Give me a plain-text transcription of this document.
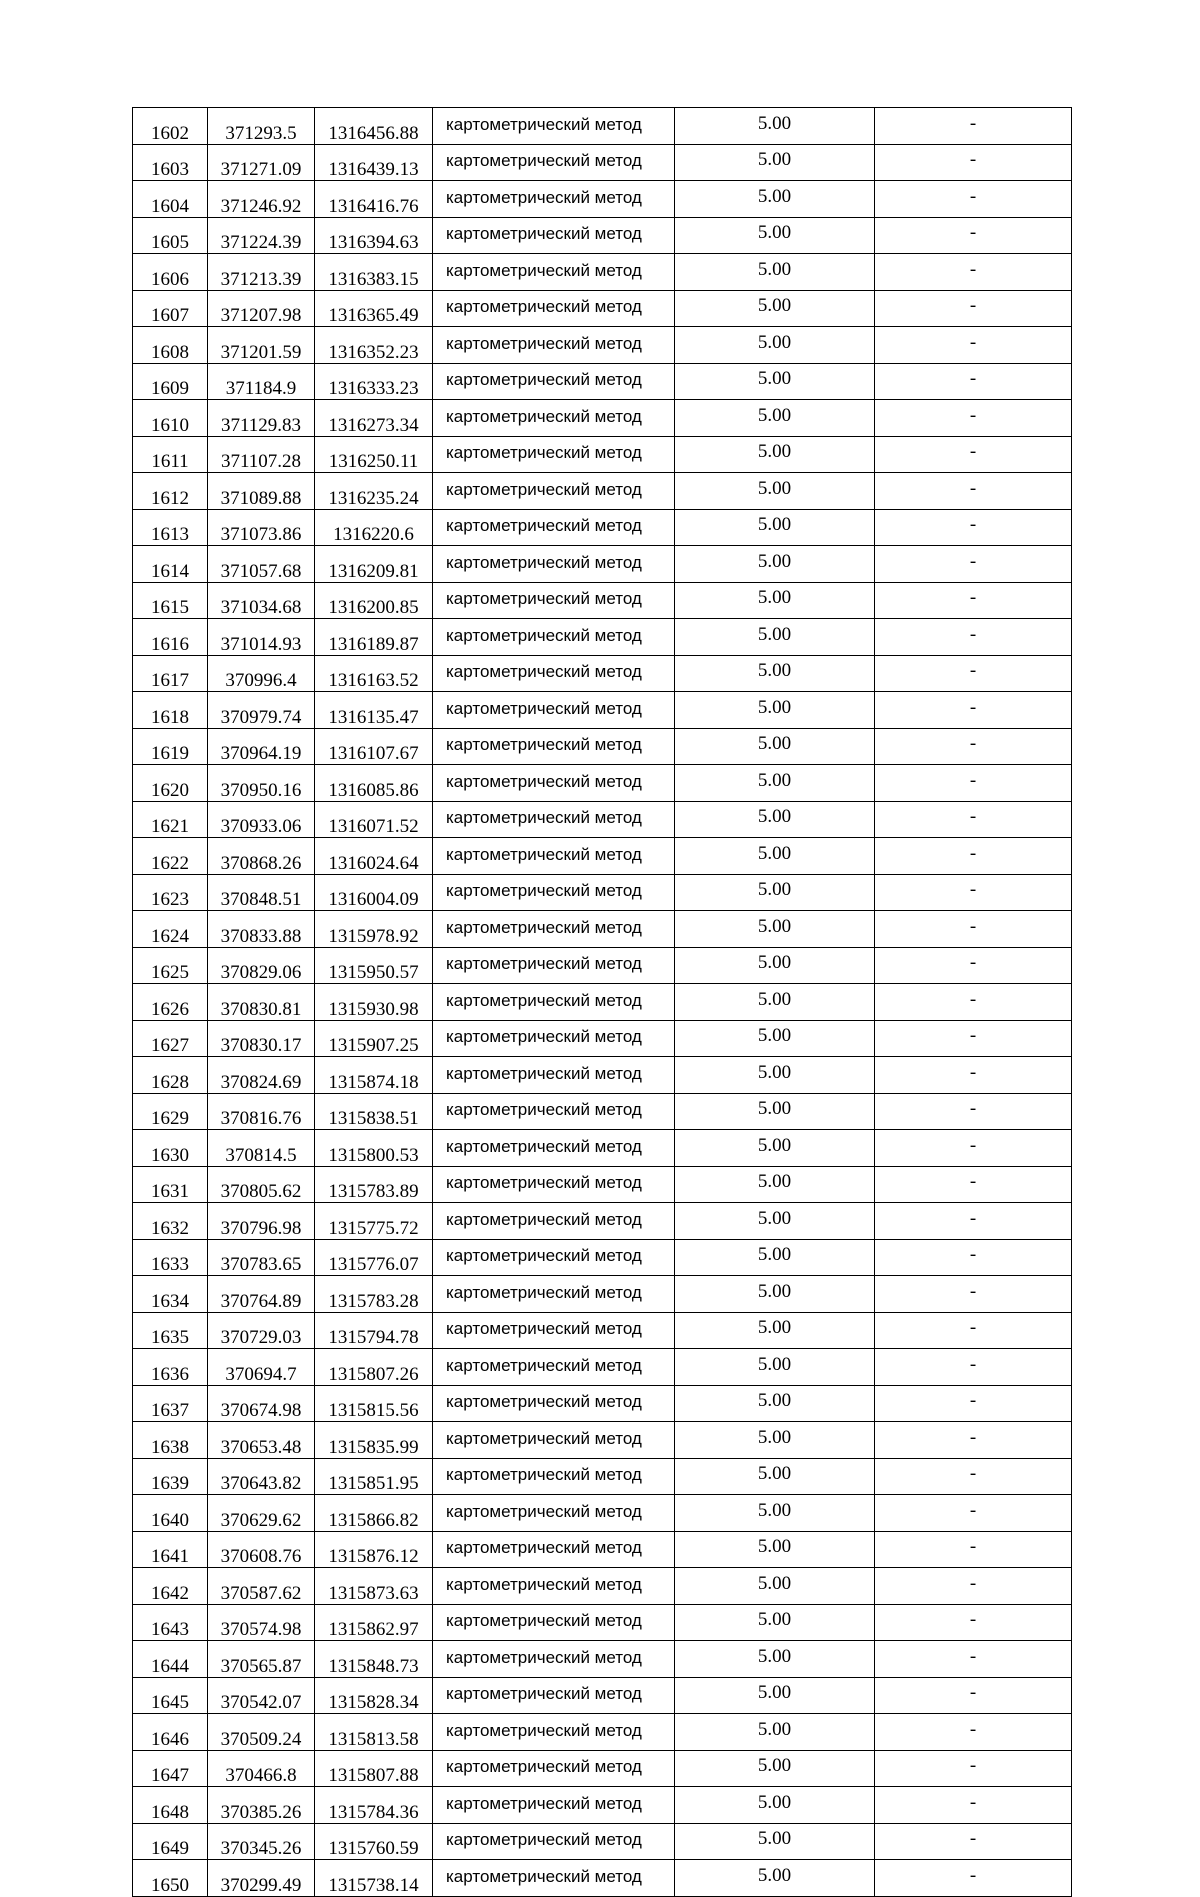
1602	371293.5	1316456.88	картометрический метод	5.00	-
1603	371271.09	1316439.13	картометрический метод	5.00	-
1604	371246.92	1316416.76	картометрический метод	5.00	-
1605	371224.39	1316394.63	картометрический метод	5.00	-
1606	371213.39	1316383.15	картометрический метод	5.00	-
1607	371207.98	1316365.49	картометрический метод	5.00	-
1608	371201.59	1316352.23	картометрический метод	5.00	-
1609	371184.9	1316333.23	картометрический метод	5.00	-
1610	371129.83	1316273.34	картометрический метод	5.00	-
1611	371107.28	1316250.11	картометрический метод	5.00	-
1612	371089.88	1316235.24	картометрический метод	5.00	-
1613	371073.86	1316220.6	картометрический метод	5.00	-
1614	371057.68	1316209.81	картометрический метод	5.00	-
1615	371034.68	1316200.85	картометрический метод	5.00	-
1616	371014.93	1316189.87	картометрический метод	5.00	-
1617	370996.4	1316163.52	картометрический метод	5.00	-
1618	370979.74	1316135.47	картометрический метод	5.00	-
1619	370964.19	1316107.67	картометрический метод	5.00	-
1620	370950.16	1316085.86	картометрический метод	5.00	-
1621	370933.06	1316071.52	картометрический метод	5.00	-
1622	370868.26	1316024.64	картометрический метод	5.00	-
1623	370848.51	1316004.09	картометрический метод	5.00	-
1624	370833.88	1315978.92	картометрический метод	5.00	-
1625	370829.06	1315950.57	картометрический метод	5.00	-
1626	370830.81	1315930.98	картометрический метод	5.00	-
1627	370830.17	1315907.25	картометрический метод	5.00	-
1628	370824.69	1315874.18	картометрический метод	5.00	-
1629	370816.76	1315838.51	картометрический метод	5.00	-
1630	370814.5	1315800.53	картометрический метод	5.00	-
1631	370805.62	1315783.89	картометрический метод	5.00	-
1632	370796.98	1315775.72	картометрический метод	5.00	-
1633	370783.65	1315776.07	картометрический метод	5.00	-
1634	370764.89	1315783.28	картометрический метод	5.00	-
1635	370729.03	1315794.78	картометрический метод	5.00	-
1636	370694.7	1315807.26	картометрический метод	5.00	-
1637	370674.98	1315815.56	картометрический метод	5.00	-
1638	370653.48	1315835.99	картометрический метод	5.00	-
1639	370643.82	1315851.95	картометрический метод	5.00	-
1640	370629.62	1315866.82	картометрический метод	5.00	-
1641	370608.76	1315876.12	картометрический метод	5.00	-
1642	370587.62	1315873.63	картометрический метод	5.00	-
1643	370574.98	1315862.97	картометрический метод	5.00	-
1644	370565.87	1315848.73	картометрический метод	5.00	-
1645	370542.07	1315828.34	картометрический метод	5.00	-
1646	370509.24	1315813.58	картометрический метод	5.00	-
1647	370466.8	1315807.88	картометрический метод	5.00	-
1648	370385.26	1315784.36	картометрический метод	5.00	-
1649	370345.26	1315760.59	картометрический метод	5.00	-
1650	370299.49	1315738.14	картометрический метод	5.00	-
